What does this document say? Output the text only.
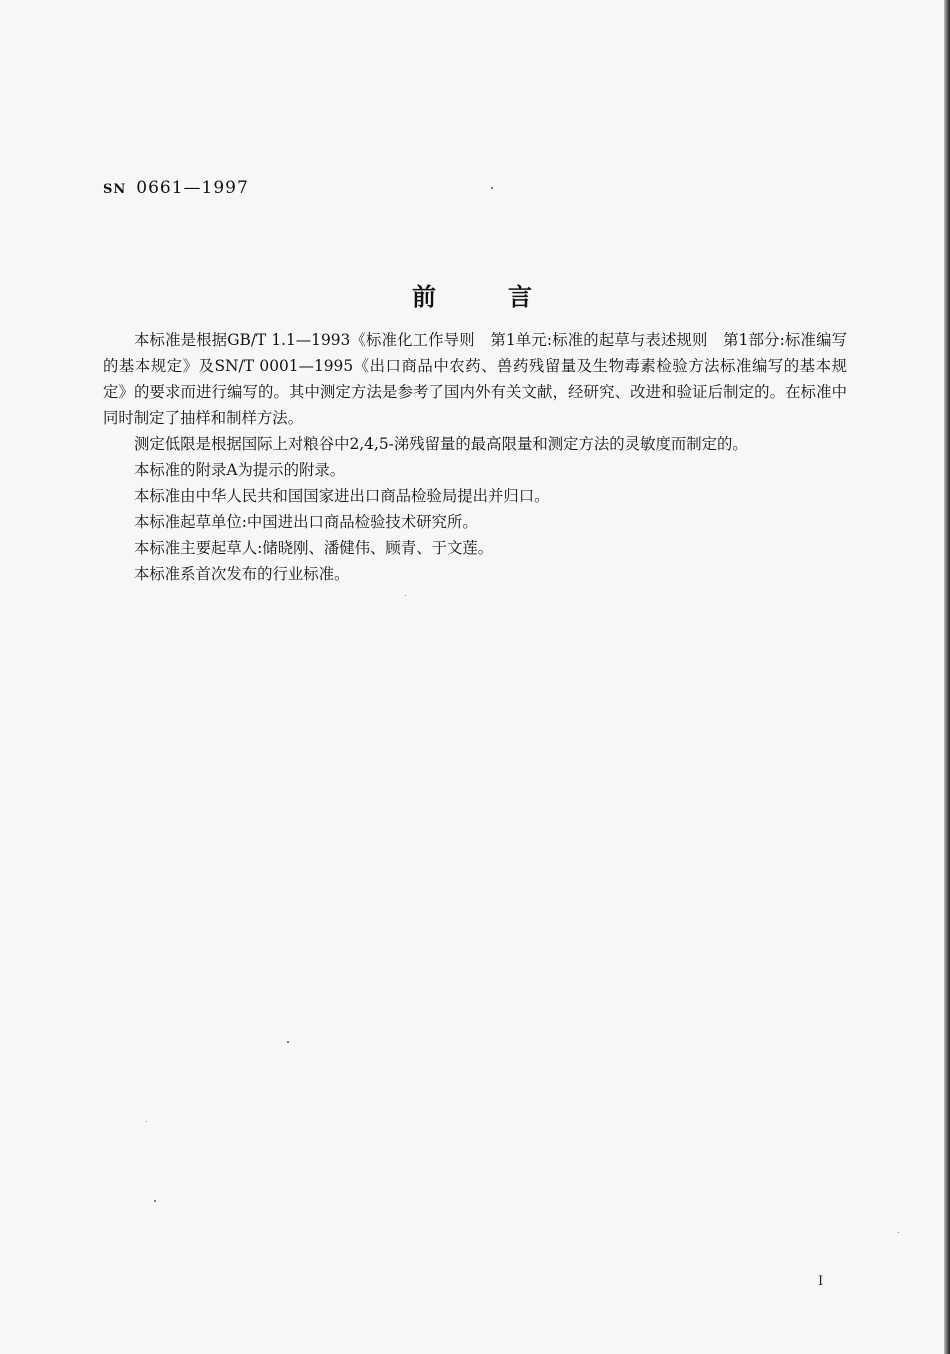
SN 0661—1997
前	言

本标准是根据GB/T 1.1—1993《标准化工作导则　第1单元:标准的起草与表述规则　第1部分:标准编写的基本规定》及SN/T 0001—1995《出口商品中农药、兽药残留量及生物毒素检验方法标准编写的基本规定》的要求而进行编写的。其中测定方法是参考了国内外有关文献，经研究、改进和验证后制定的。在标准中同时制定了抽样和制样方法。

测定低限是根据国际上对粮谷中2,4,5-涕残留量的最高限量和测定方法的灵敏度而制定的。

本标准的附录A为提示的附录。

本标准由中华人民共和国国家进出口商品检验局提出并归口。

本标准起草单位:中国进出口商品检验技术研究所。

本标准主要起草人:储晓刚、潘健伟、顾青、于文莲。

本标准系首次发布的行业标准。

I
